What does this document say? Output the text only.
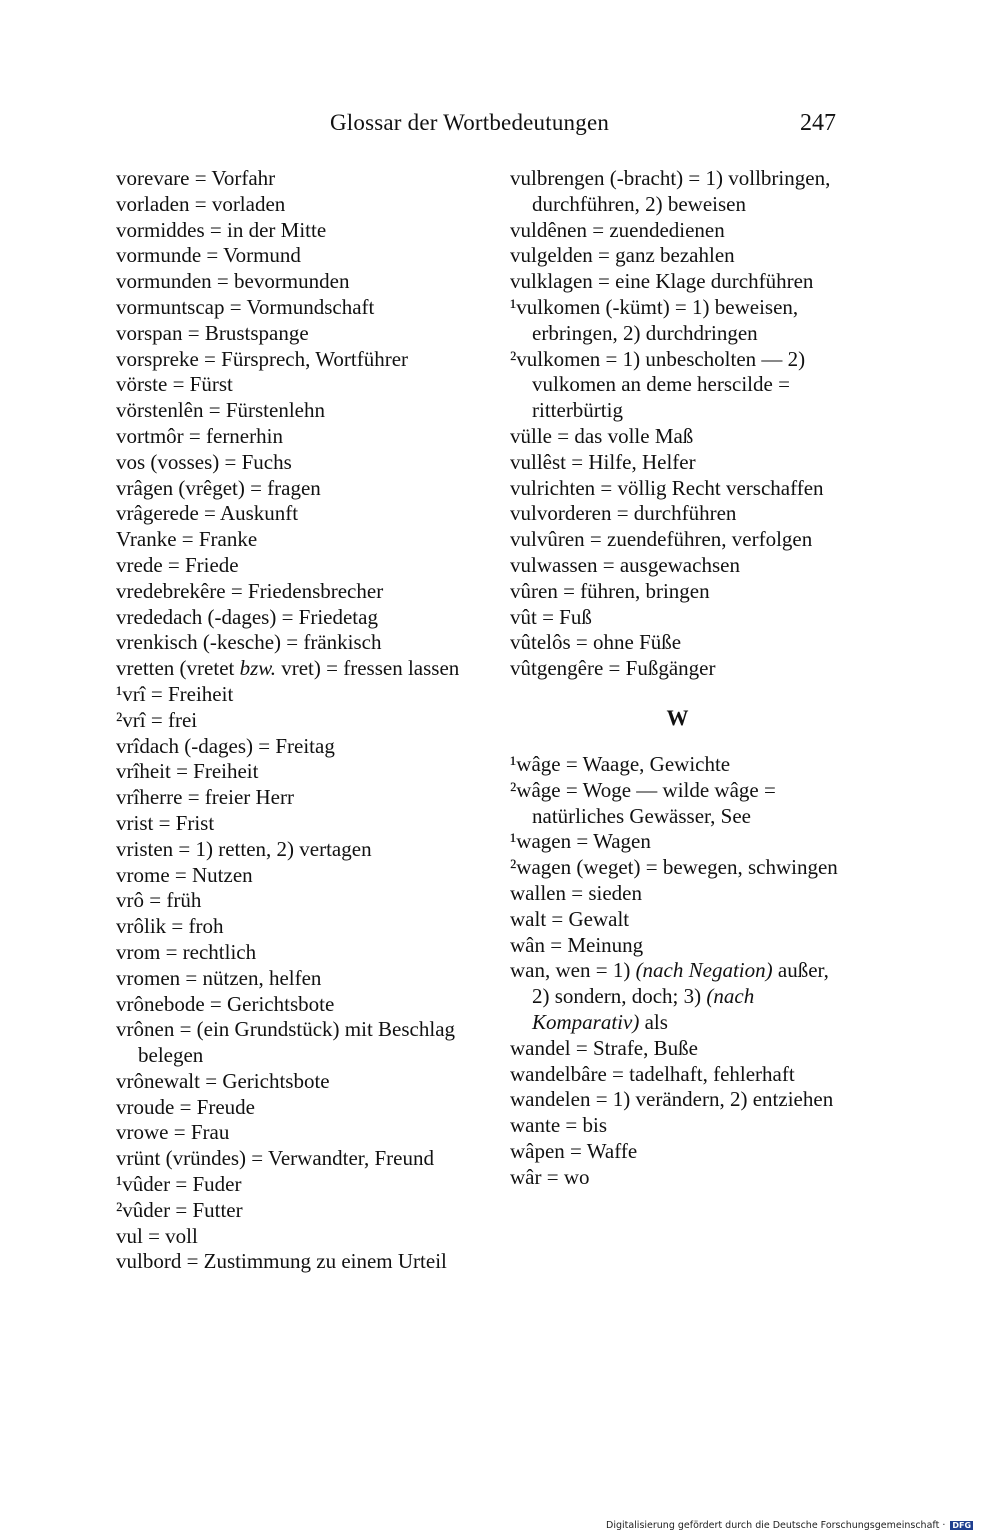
Glossar der Wortbedeutungen	247
vorevare = Vorfahr
vorladen = vorladen
vormiddes = in der Mitte
vormunde = Vormund
vormunden = bevormunden
vormuntscap = Vormundschaft
vorspan = Brustspange
vorspreke = Fürsprech, Wortführer
vörste = Fürst
vörstenlên = Fürstenlehn
vortmôr = fernerhin
vos (vosses) = Fuchs
vrâgen (vrêget) = fragen
vrâgerede = Auskunft
Vranke = Franke
vrede = Friede
vredebrekêre = Friedensbrecher
vrededach (-dages) = Friedetag
vrenkisch (-kesche) = fränkisch
vretten (vretet bzw. vret) = fressen lassen
¹vrî = Freiheit
²vrî = frei
vrîdach (-dages) = Freitag
vrîheit = Freiheit
vrîherre = freier Herr
vrist = Frist
vristen = 1) retten, 2) vertagen
vrome = Nutzen
vrô = früh
vrôlik = froh
vrom = rechtlich
vromen = nützen, helfen
vrônebode = Gerichtsbote
vrônen = (ein Grundstück) mit Beschlag belegen
vrônewalt = Gerichtsbote
vroude = Freude
vrowe = Frau
vrünt (vründes) = Verwandter, Freund
¹vûder = Fuder
²vûder = Futter
vul = voll
vulbord = Zustimmung zu einem Urteil
vulbrengen (-bracht) = 1) vollbringen, durchführen, 2) beweisen
vuldênen = zuendedienen
vulgelden = ganz bezahlen
vulklagen = eine Klage durchführen
¹vulkomen (-kümt) = 1) beweisen, erbringen, 2) durchdringen
²vulkomen = 1) unbescholten — 2) vulkomen an deme herscilde = ritterbürtig
vülle = das volle Maß
vullêst = Hilfe, Helfer
vulrichten = völlig Recht verschaffen
vulvorderen = durchführen
vulvûren = zuendeführen, verfolgen
vulwassen = ausgewachsen
vûren = führen, bringen
vût = Fuß
vûtelôs = ohne Füße
vûtgengêre = Fußgänger
W
¹wâge = Waage, Gewichte
²wâge = Woge — wilde wâge = natürliches Gewässer, See
¹wagen = Wagen
²wagen (weget) = bewegen, schwingen
wallen = sieden
walt = Gewalt
wân = Meinung
wan, wen = 1) (nach Negation) außer, 2) sondern, doch; 3) (nach Komparativ) als
wandel = Strafe, Buße
wandelbâre = tadelhaft, fehlerhaft
wandelen = 1) verändern, 2) entziehen
wante = bis
wâpen = Waffe
wâr = wo
Digitalisierung gefördert durch die Deutsche Forschungsgemeinschaft · DFG
